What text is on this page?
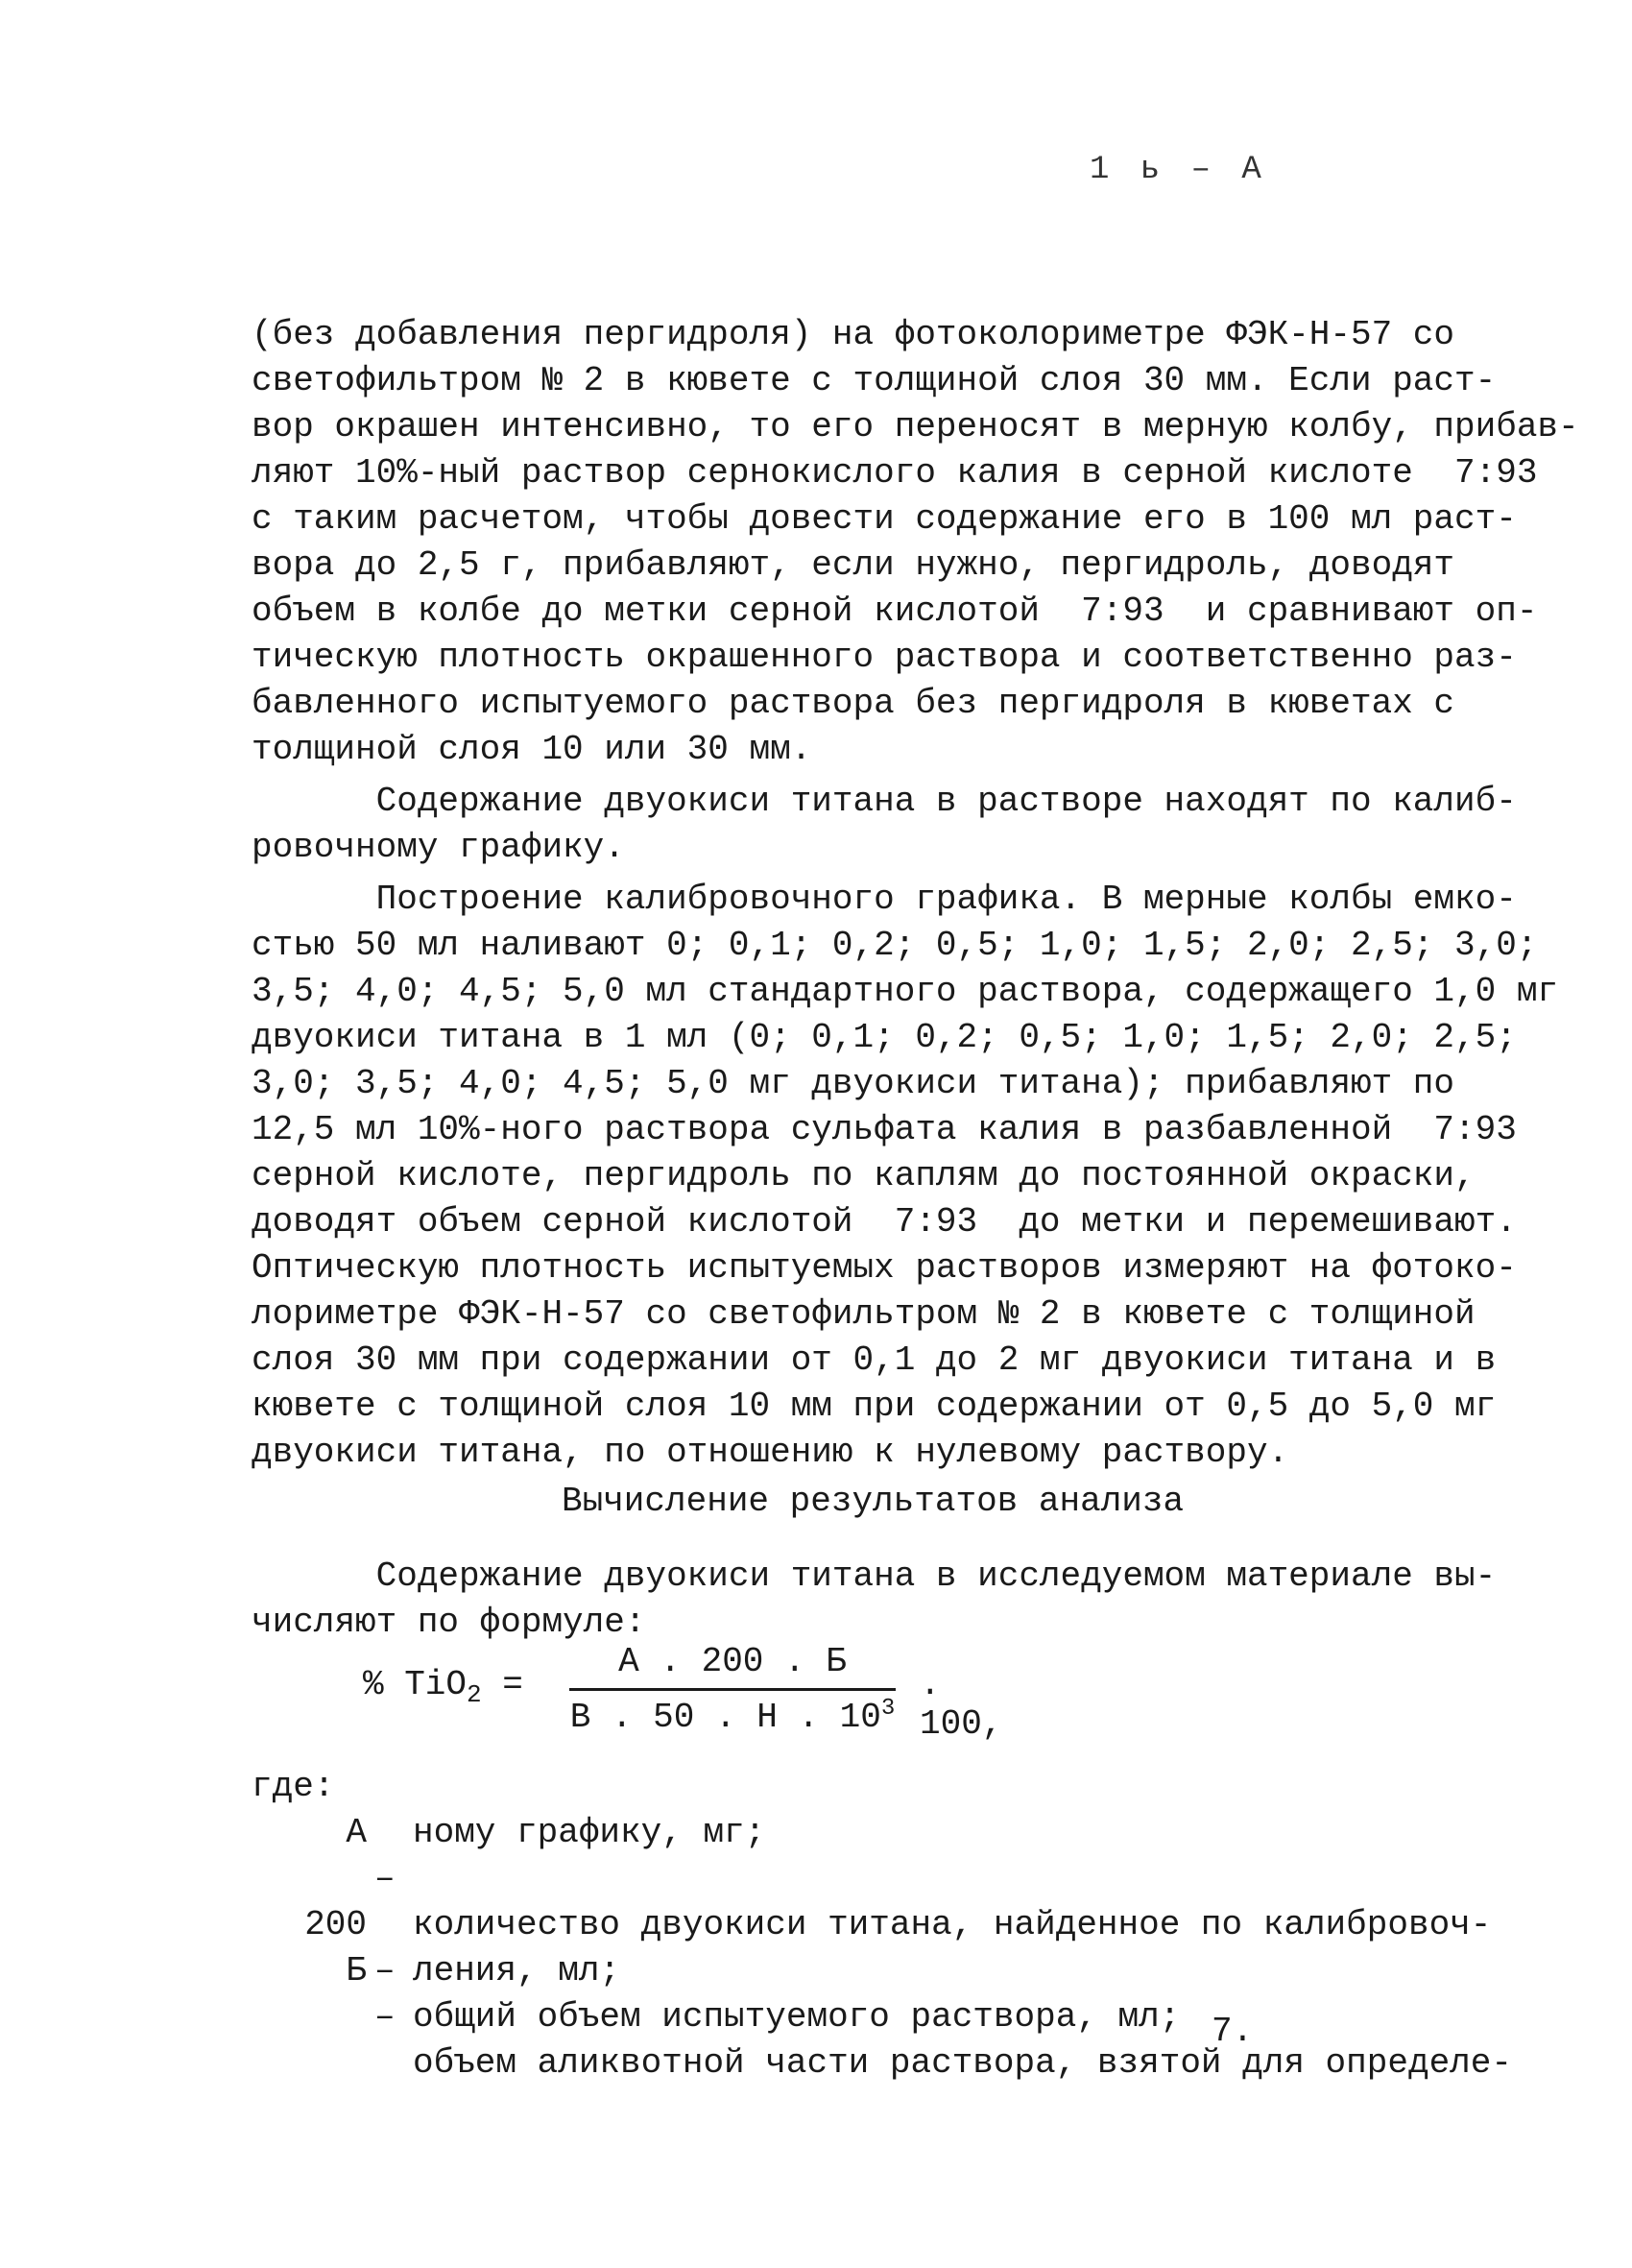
1 ь – А
(без добавления пергидроля) на фотоколориметре ФЭК-Н-57 со
светофильтром № 2 в кювете с толщиной слоя 30 мм. Если раст-
вор окрашен интенсивно, то его переносят в мерную колбу, прибав-
ляют 10%-ный раствор сернокислого калия в серной кислоте  7:93
с таким расчетом, чтобы довести содержание его в 100 мл раст-
вора до 2,5 г, прибавляют, если нужно, пергидроль, доводят
объем в колбе до метки серной кислотой  7:93  и сравнивают оп-
тическую плотность окрашенного раствора и соответственно раз-
бавленного испытуемого раствора без пергидроля в кюветах с
толщиной слоя 10 или 30 мм.
Содержание двуокиси титана в растворе находят по калиб-
ровочному графику.
Построение калибровочного графика. В мерные колбы емко-
стью 50 мл наливают 0; 0,1; 0,2; 0,5; 1,0; 1,5; 2,0; 2,5; 3,0;
3,5; 4,0; 4,5; 5,0 мл стандартного раствора, содержащего 1,0 мг
двуокиси титана в 1 мл (0; 0,1; 0,2; 0,5; 1,0; 1,5; 2,0; 2,5;
3,0; 3,5; 4,0; 4,5; 5,0 мг двуокиси титана); прибавляют по
12,5 мл 10%-ного раствора сульфата калия в разбавленной  7:93
серной кислоте, пергидроль по каплям до постоянной окраски,
доводят объем серной кислотой  7:93  до метки и перемешивают.
Оптическую плотность испытуемых растворов измеряют на фотоко-
лориметре ФЭК-Н-57 со светофильтром № 2 в кювете с толщиной
слоя 30 мм при содержании от 0,1 до 2 мг двуокиси титана и в
кювете с толщиной слоя 10 мм при содержании от 0,5 до 5,0 мг
двуокиси титана, по отношению к нулевому раствору.
Вычисление результатов анализа
Содержание двуокиси титана в исследуемом материале вы-
числяют по формуле:
% TiO$_2$ =
А . 200 . Б
В . 50 . Н . $10^3$
. 100,
где:

А

–

количество двуокиси титана, найденное по калибровоч-

ному графику, мг;

200

–

общий объем испытуемого раствора, мл;

Б

–

объем аликвотной части раствора, взятой для определе-

ления, мл;
7.
